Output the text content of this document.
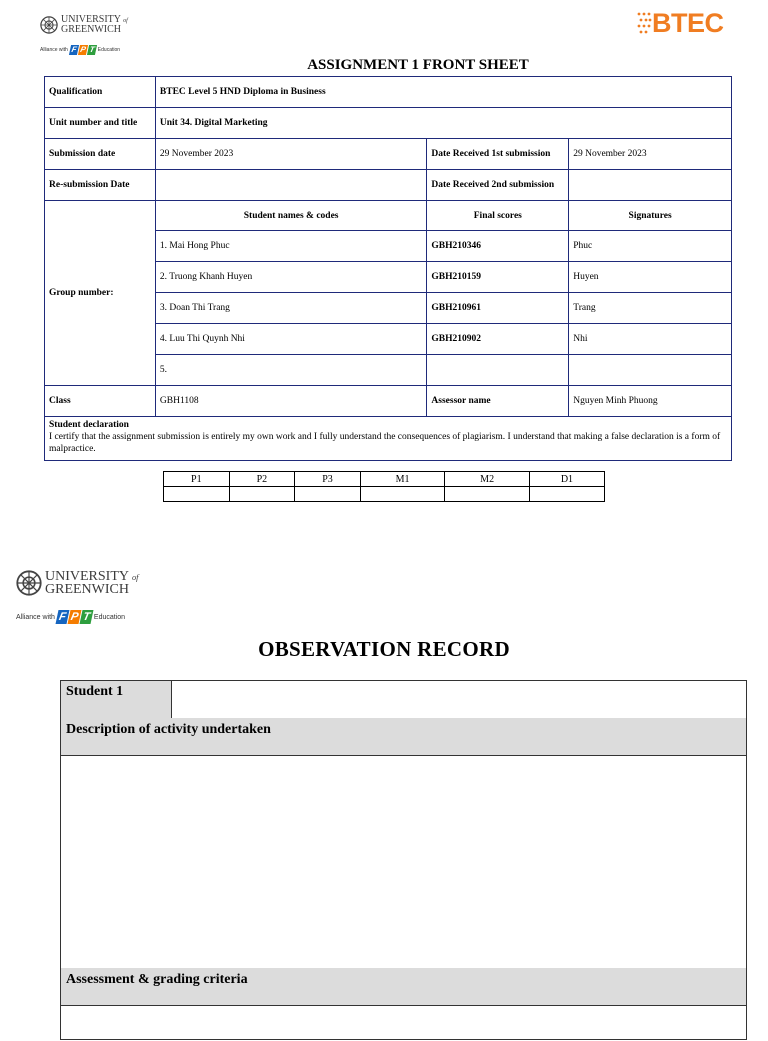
UNIVERSITY of
GREENWICH
Alliance with F P T Education
BTEC
ASSIGNMENT 1 FRONT SHEET
Qualification	BTEC Level 5 HND Diploma in Business		
Unit number and title	Unit 34. Digital Marketing		
Submission date	29 November 2023	Date Received 1st submission	29 November 2023
Re-submission Date		Date Received 2nd submission	
Group number:	Student names & codes	Final scores	Signatures
	1. Mai Hong Phuc	GBH210346	Phuc
	2. Truong Khanh Huyen	GBH210159	Huyen
	3. Doan Thi Trang	GBH210961	Trang
	4. Luu Thi Quynh Nhi	GBH210902	Nhi
	5.		
Class	GBH1108	Assessor name	Nguyen Minh Phuong

Student declaration
I certify that the assignment submission is entirely my own work and I fully understand the consequences of plagiarism. I understand that making a false declaration is a form of malpractice.			
P1	P2	P3	M1	M2	D1

UNIVERSITY of
GREENWICH
Alliance with F P T Education
OBSERVATION RECORD
Student 1
Description of activity undertaken
Assessment & grading criteria
